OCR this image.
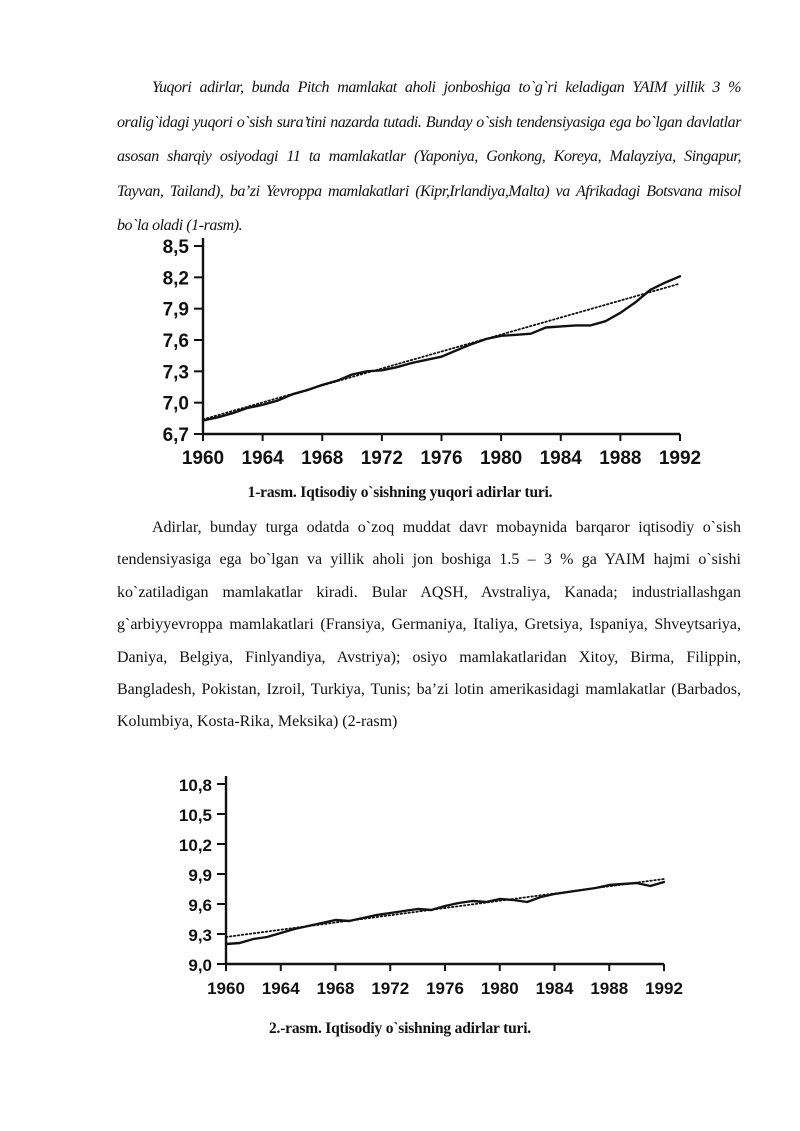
Yuqori adirlar, bunda Pitch mamlakat aholi jonboshiga to`g`ri keladigan YAIM yillik 3 % oralig`idagi yuqori o`sish sura’tini nazarda tutadi. Bunday o`sish tendensiyasiga ega bo`lgan davlatlar asosan sharqiy osiyodagi 11 ta mamlakatlar (Yaponiya, Gonkong, Koreya, Malayziya, Singapur, Tayvan, Tailand), ba’zi Yevroppa mamlakatlari (Kipr,Irlandiya,Malta) va Afrikadagi Botsvana misol bo`la oladi (1-rasm).

6,7
7,0
7,3
7,6
7,9
8,2
8,5
1960 1964 1968 1972 1976 1980 1984 1988 1992
1-rasm. Iqtisodiy o`sishning yuqori adirlar turi.

Adirlar, bunday turga odatda o`zoq muddat davr mobaynida barqaror iqtisodiy o`sish tendensiyasiga ega bo`lgan va yillik aholi jon boshiga 1.5 – 3 % ga YAIM hajmi o`sishi ko`zatiladigan mamlakatlar kiradi. Bular AQSH, Avstraliya, Kanada; industriallashgan g`arbiyyevroppa mamlakatlari (Fransiya, Germaniya, Italiya, Gretsiya, Ispaniya, Shveytsariya, Daniya, Belgiya, Finlyandiya, Avstriya); osiyo mamlakatlaridan Xitoy, Birma, Filippin, Bangladesh, Pokistan, Izroil, Turkiya, Tunis; ba’zi lotin amerikasidagi mamlakatlar (Barbados, Kolumbiya, Kosta-Rika, Meksika) (2-rasm)

9,0
9,3
9,6
9,9
10,2
10,5
10,8
1960 1964 1968 1972 1976 1980 1984 1988 1992
2.-rasm. Iqtisodiy o`sishning adirlar turi.
